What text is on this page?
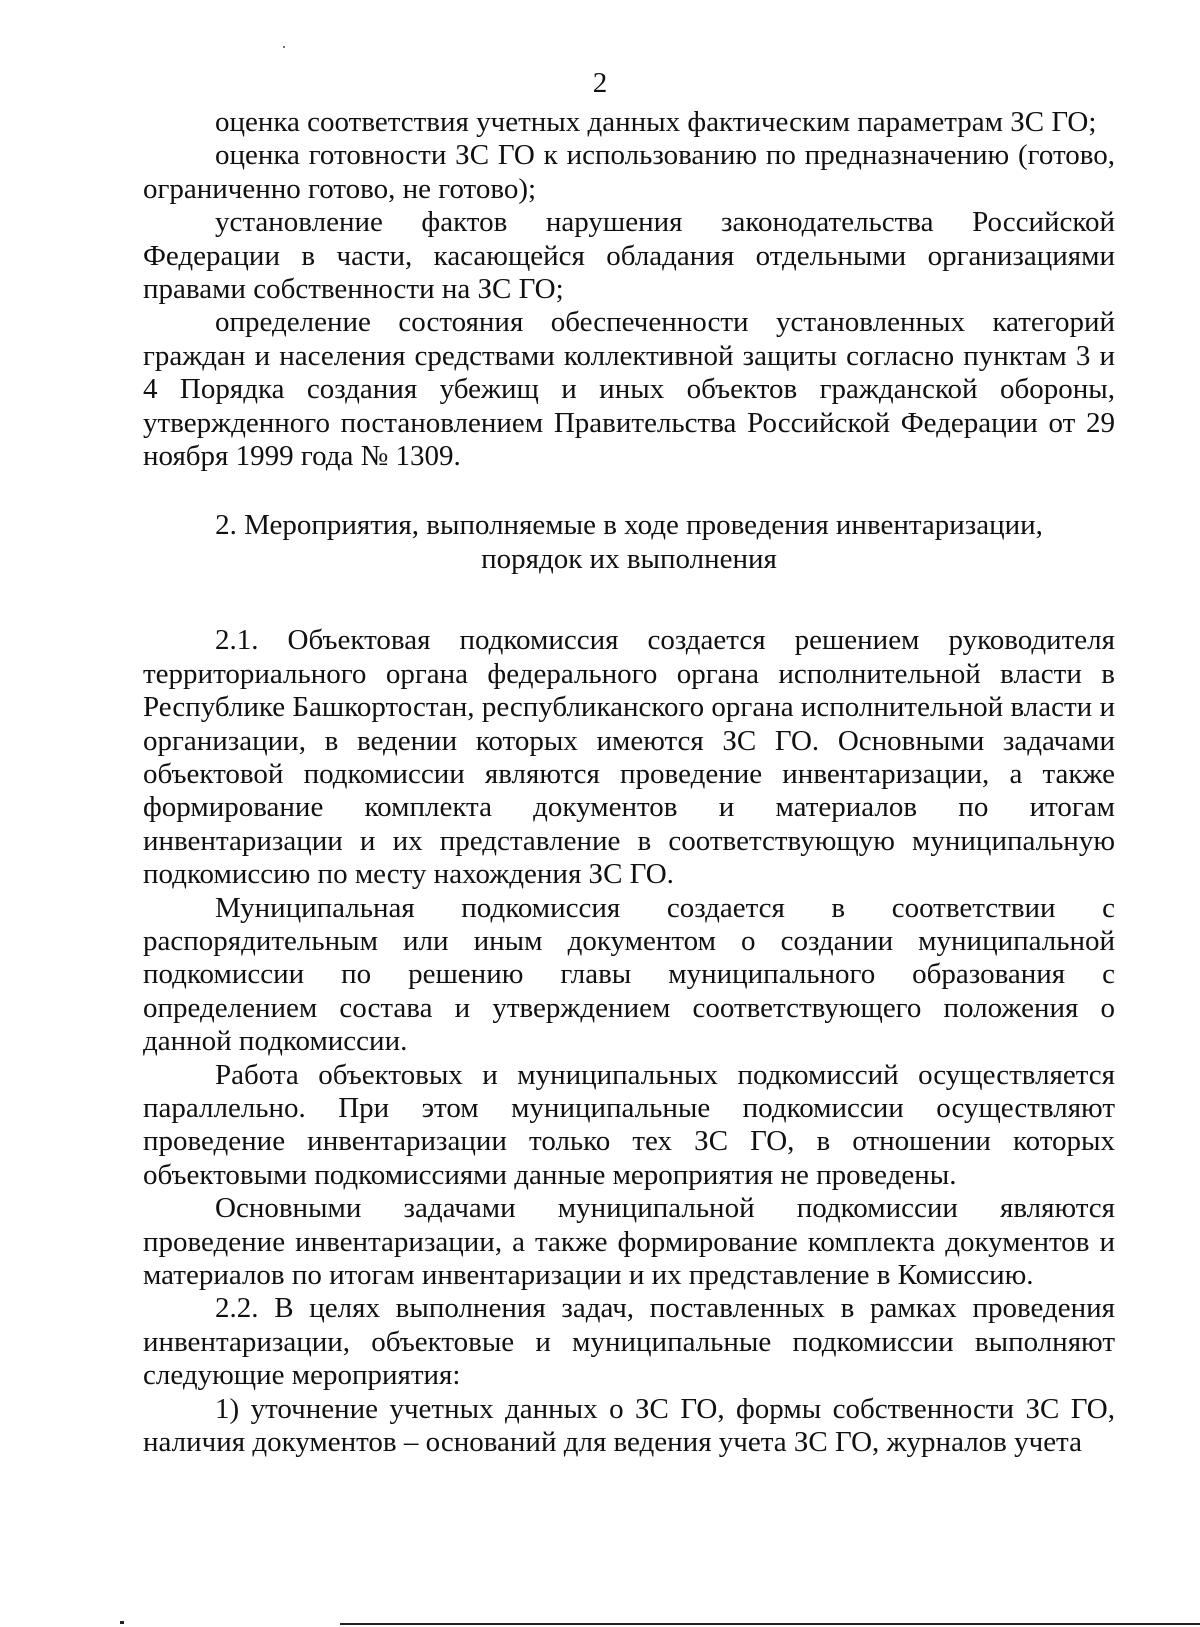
2

оценка соответствия учетных данных фактическим параметрам ЗС ГО;

оценка готовности ЗС ГО к использованию по предназначению (готово, ограниченно готово, не готово);

установление фактов нарушения законодательства Российской Федерации в части, касающейся обладания отдельными организациями правами собственности на ЗС ГО;

определение состояния обеспеченности установленных категорий граждан и населения средствами коллективной защиты согласно пунктам 3 и 4 Порядка создания убежищ и иных объектов гражданской обороны, утвержденного постановлением Правительства Российской Федерации от 29 ноября 1999 года № 1309.

2. Мероприятия, выполняемые в ходе проведения инвентаризации,
порядок их выполнения

2.1. Объектовая подкомиссия создается решением руководителя территориального органа федерального органа исполнительной власти в Республике Башкортостан, республиканского органа исполнительной власти и организации, в ведении которых имеются ЗС ГО. Основными задачами объектовой подкомиссии являются проведение инвентаризации, а также формирование комплекта документов и материалов по итогам инвентаризации и их представление в соответствующую муниципальную подкомиссию по месту нахождения ЗС ГО.

Муниципальная подкомиссия создается в соответствии с распорядительным или иным документом о создании муниципальной подкомиссии по решению главы муниципального образования с определением состава и утверждением соответствующего положения о данной подкомиссии.

Работа объектовых и муниципальных подкомиссий осуществляется параллельно. При этом муниципальные подкомиссии осуществляют проведение инвентаризации только тех ЗС ГО, в отношении которых объектовыми подкомиссиями данные мероприятия не проведены.

Основными задачами муниципальной подкомиссии являются проведение инвентаризации, а также формирование комплекта документов и материалов по итогам инвентаризации и их представление в Комиссию.

2.2. В целях выполнения задач, поставленных в рамках проведения инвентаризации, объектовые и муниципальные подкомиссии выполняют следующие мероприятия:

1) уточнение учетных данных о ЗС ГО, формы собственности ЗС ГО, наличия документов – оснований для ведения учета ЗС ГО, журналов учета
